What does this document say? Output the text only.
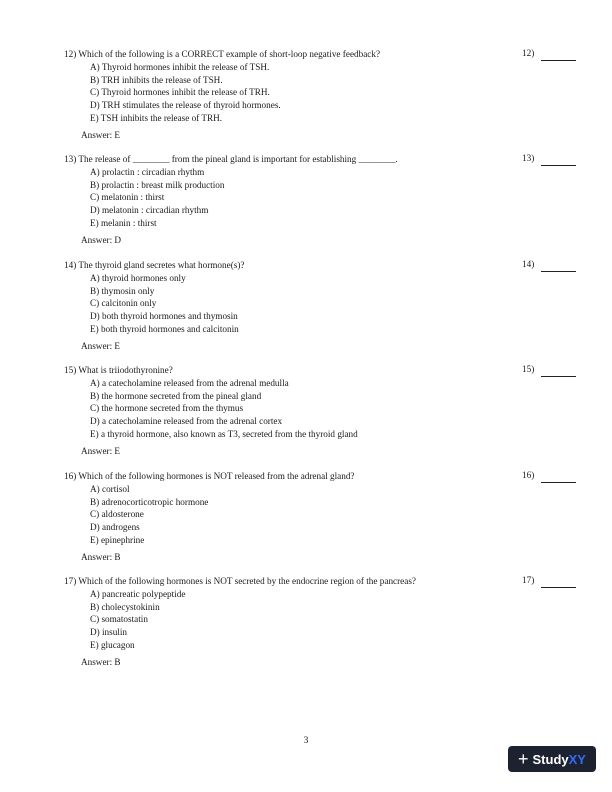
12) Which of the following is a CORRECT example of short-loop negative feedback?
A) Thyroid hormones inhibit the release of TSH.
B) TRH inhibits the release of TSH.
C) Thyroid hormones inhibit the release of TRH.
D) TRH stimulates the release of thyroid hormones.
E) TSH inhibits the release of TRH.
Answer: E
12)
13) The release of ________ from the pineal gland is important for establishing ________.
A) prolactin : circadian rhythm
B) prolactin : breast milk production
C) melatonin : thirst
D) melatonin : circadian rhythm
E) melanin : thirst
Answer: D
13)
14) The thyroid gland secretes what hormone(s)?
A) thyroid hormones only
B) thymosin only
C) calcitonin only
D) both thyroid hormones and thymosin
E) both thyroid hormones and calcitonin
Answer: E
14)
15) What is triiodothyronine?
A) a catecholamine released from the adrenal medulla
B) the hormone secreted from the pineal gland
C) the hormone secreted from the thymus
D) a catecholamine released from the adrenal cortex
E) a thyroid hormone, also known as T3, secreted from the thyroid gland
Answer: E
15)
16) Which of the following hormones is NOT released from the adrenal gland?
A) cortisol
B) adrenocorticotropic hormone
C) aldosterone
D) androgens
E) epinephrine
Answer: B
16)
17) Which of the following hormones is NOT secreted by the endocrine region of the pancreas?
A) pancreatic polypeptide
B) cholecystokinin
C) somatostatin
D) insulin
E) glucagon
Answer: B
17)
3
+ Study XY
